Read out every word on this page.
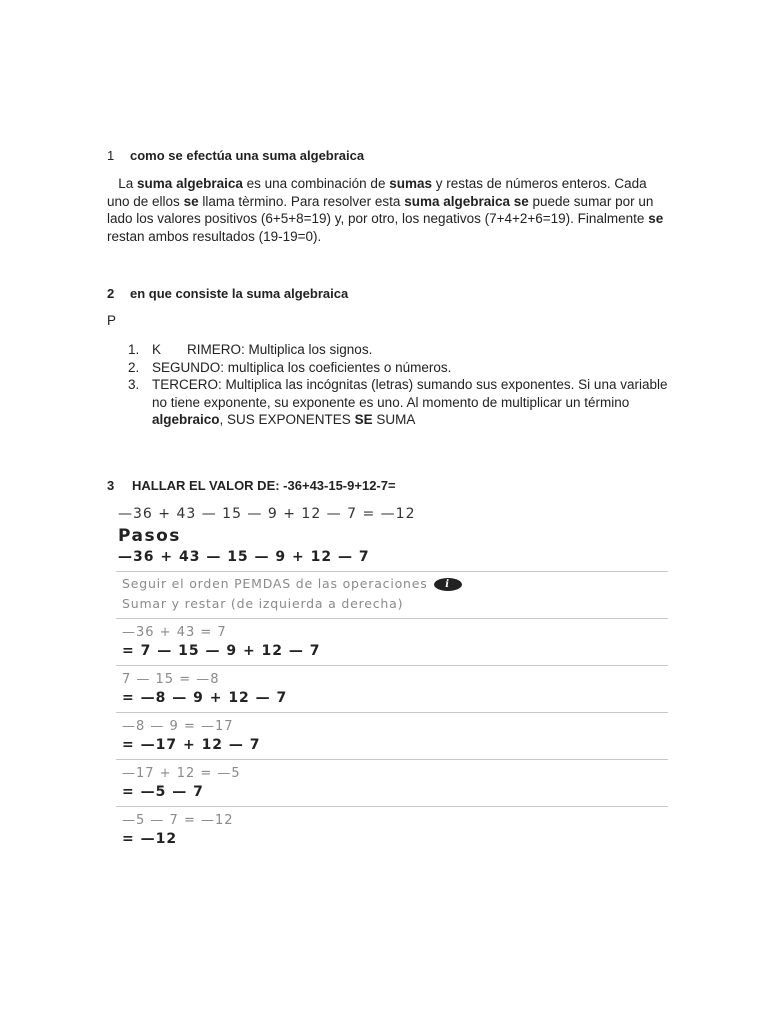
1	como se efectúa una suma algebraica
La suma algebraica es una combinación de sumas y restas de números enteros. Cada uno de ellos se llama tèrmino. Para resolver esta suma algebraica se puede sumar por un lado los valores positivos (6+5+8=19) y, por otro, los negativos (7+4+2+6=19). Finalmente se restan ambos resultados (19-19=0).
2	en que consiste la suma algebraica
P
1. K RIMERO: Multiplica los signos.
2. SEGUNDO: multiplica los coeficientes o números.
3. TERCERO: Multiplica las incógnitas (letras) sumando sus exponentes. Si una variable no tiene exponente, su exponente es uno. Al momento de multiplicar un término algebraico, SUS EXPONENTES SE SUMA
3	HALLAR EL VALOR DE: -36+43-15-9+12-7=
—36 + 43 — 15 — 9 + 12 — 7 = —12
Pasos
—36 + 43 — 15 — 9 + 12 — 7
Seguir el orden PEMDAS de las operaciones	i
Sumar y restar (de izquierda a derecha)
—36 + 43 = 7
= 7 — 15 — 9 + 12 — 7
7 — 15 = —8
= —8 — 9 + 12 — 7
—8 — 9 = —17
= —17 + 12 — 7
—17 + 12 = —5
= —5 — 7
—5 — 7 = —12
= —12
